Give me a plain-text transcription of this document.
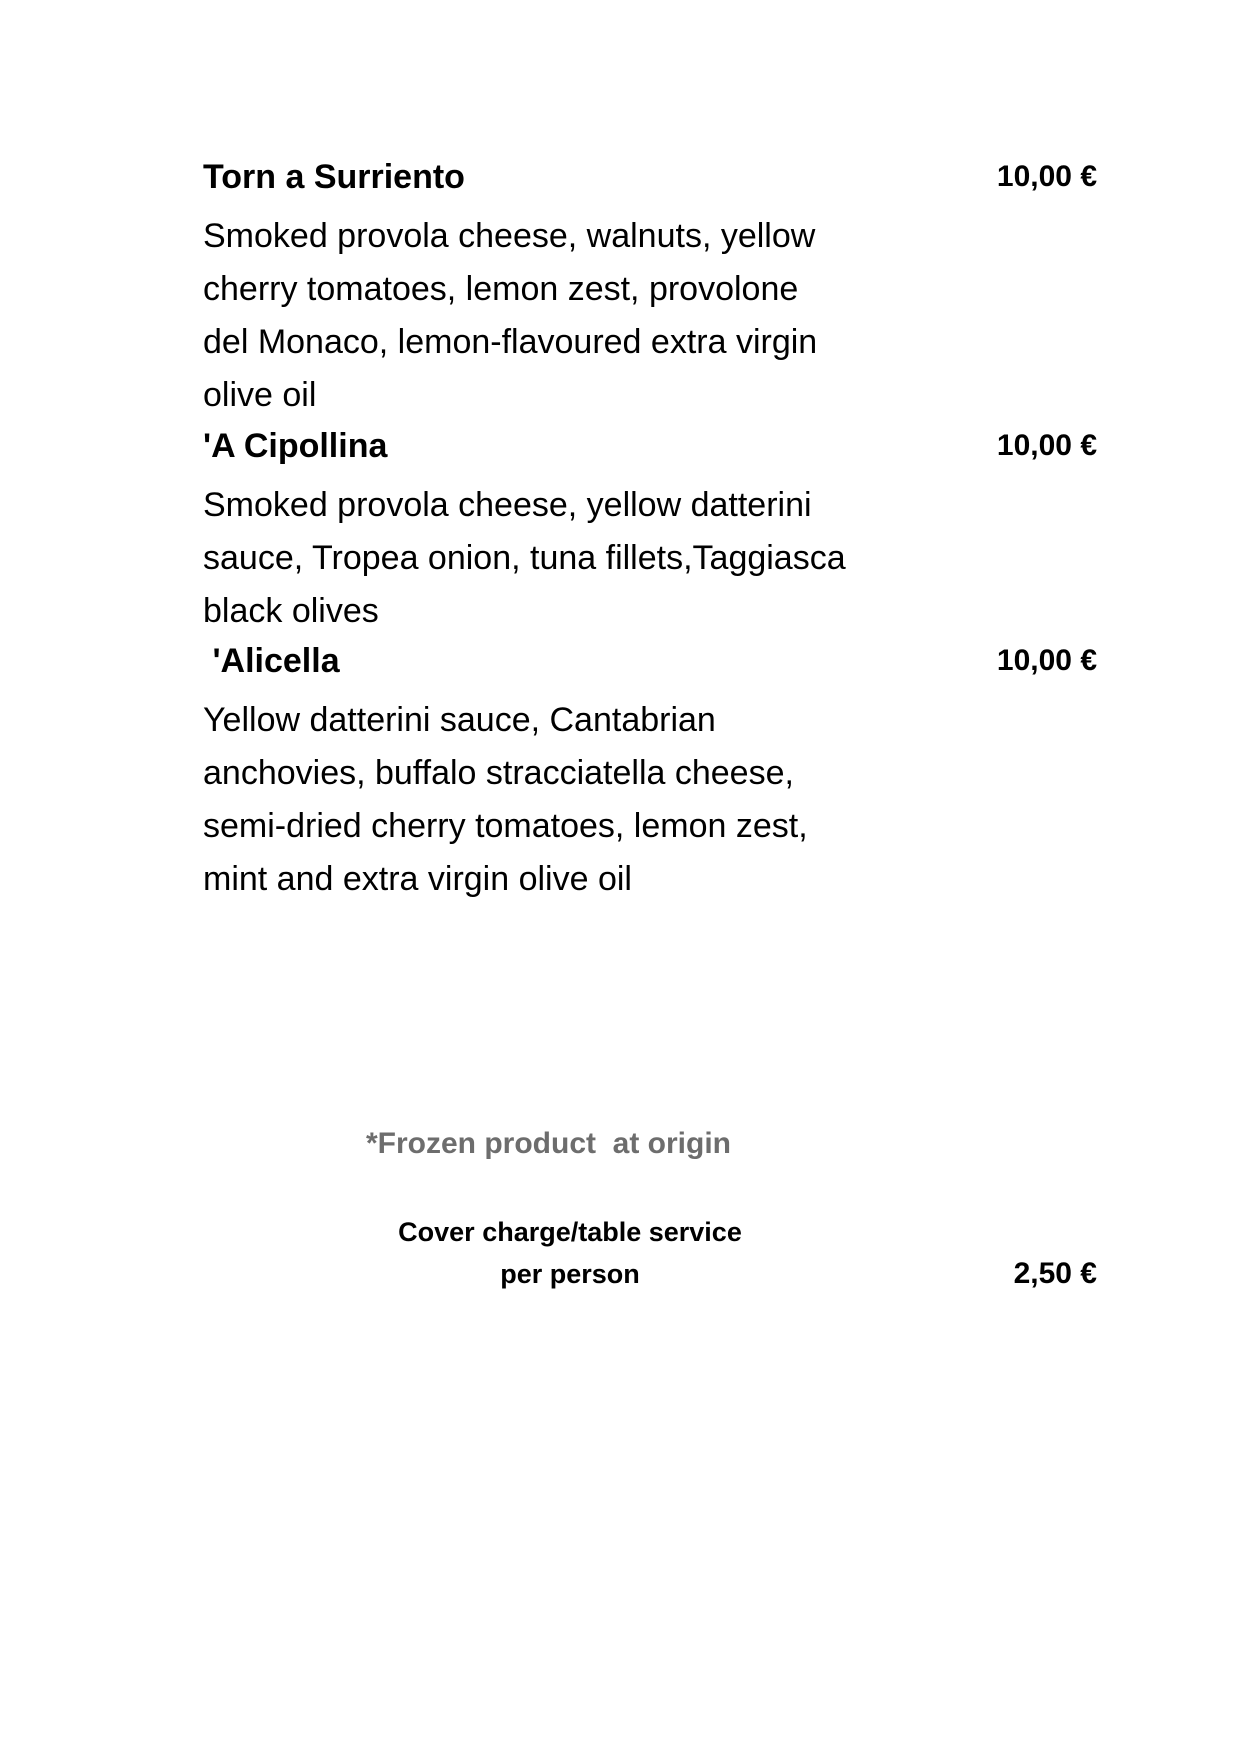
Torn a Surriento	10,00 €
Smoked provola cheese, walnuts, yellow
cherry tomatoes, lemon zest, provolone
del Monaco, lemon-flavoured extra virgin
olive oil
'A Cipollina	10,00 €
Smoked provola cheese, yellow datterini
sauce, Tropea onion, tuna fillets,Taggiasca
black olives
'Alicella	10,00 €
Yellow datterini sauce, Cantabrian
anchovies, buffalo stracciatella cheese,
semi-dried cherry tomatoes, lemon zest,
mint and extra virgin olive oil
*Frozen product  at origin
Cover charge/table service
per person	2,50 €
